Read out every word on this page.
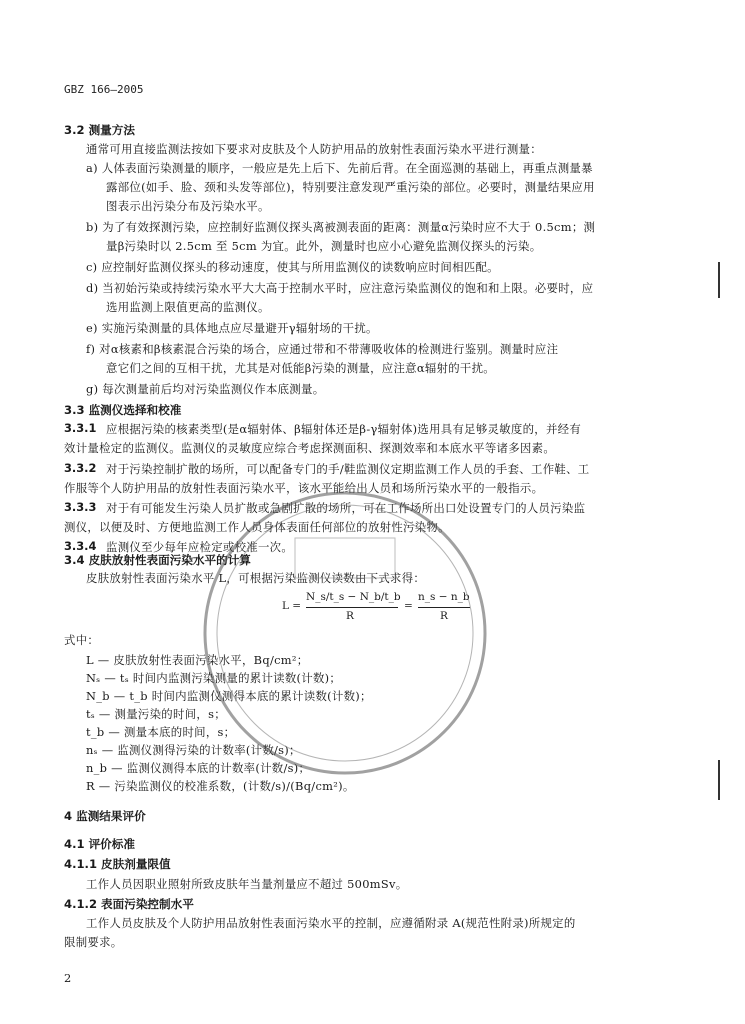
GBZ 166—2005
3.2 测量方法
通常可用直接监测法按如下要求对皮肤及个人防护用品的放射性表面污染水平进行测量：
a) 人体表面污染测量的顺序，一般应是先上后下、先前后背。在全面巡测的基础上，再重点测量暴
露部位(如手、脸、颈和头发等部位)，特别要注意发现严重污染的部位。必要时，测量结果应用
图表示出污染分布及污染水平。
b) 为了有效探测污染，应控制好监测仪探头离被测表面的距离：测量α污染时应不大于 0.5cm；测
量β污染时以 2.5cm 至 5cm 为宜。此外，测量时也应小心避免监测仪探头的污染。
c) 应控制好监测仪探头的移动速度，使其与所用监测仪的读数响应时间相匹配。
d) 当初始污染或持续污染水平大大高于控制水平时，应注意污染监测仪的饱和和上限。必要时，应
选用监测上限值更高的监测仪。
e) 实施污染测量的具体地点应尽量避开γ辐射场的干扰。
f) 对α核素和β核素混合污染的场合，应通过带和不带薄吸收体的检测进行鉴别。测量时应注
意它们之间的互相干扰，尤其是对低能β污染的测量，应注意α辐射的干扰。
g) 每次测量前后均对污染监测仪作本底测量。
3.3 监测仪选择和校准
3.3.1 应根据污染的核素类型(是α辐射体、β辐射体还是β-γ辐射体)选用具有足够灵敏度的，并经有
效计量检定的监测仪。监测仪的灵敏度应综合考虑探测面积、探测效率和本底水平等诸多因素。
3.3.2 对于污染控制扩散的场所，可以配备专门的手/鞋监测仪定期监测工作人员的手套、工作鞋、工
作服等个人防护用品的放射性表面污染水平，该水平能给出人员和场所污染水平的一般指示。
3.3.3 对于有可能发生污染人员扩散或急剧扩散的场所，可在工作场所出口处设置专门的人员污染监
测仪，以便及时、方便地监测工作人员身体表面任何部位的放射性污染物。
3.3.4 监测仪至少每年应检定或校准一次。
3.4 皮肤放射性表面污染水平的计算
皮肤放射性表面污染水平 L，可根据污染监测仪读数由下式求得：
L =
N_s/t_s − N_b/t_b
=
n_s − n_b
R	R
式中：
L — 皮肤放射性表面污染水平，Bq/cm²；
Nₛ — tₛ 时间内监测污染测量的累计读数(计数)；
N_b — t_b 时间内监测仪测得本底的累计读数(计数)；
tₛ — 测量污染的时间，s；
t_b — 测量本底的时间，s；
nₛ — 监测仪测得污染的计数率(计数/s)；
n_b — 监测仪测得本底的计数率(计数/s)；
R — 污染监测仪的校准系数，(计数/s)/(Bq/cm²)。
4 监测结果评价
4.1 评价标准
4.1.1 皮肤剂量限值
工作人员因职业照射所致皮肤年当量剂量应不超过 500mSv。
4.1.2 表面污染控制水平
工作人员皮肤及个人防护用品放射性表面污染水平的控制，应遵循附录 A(规范性附录)所规定的
限制要求。
2
